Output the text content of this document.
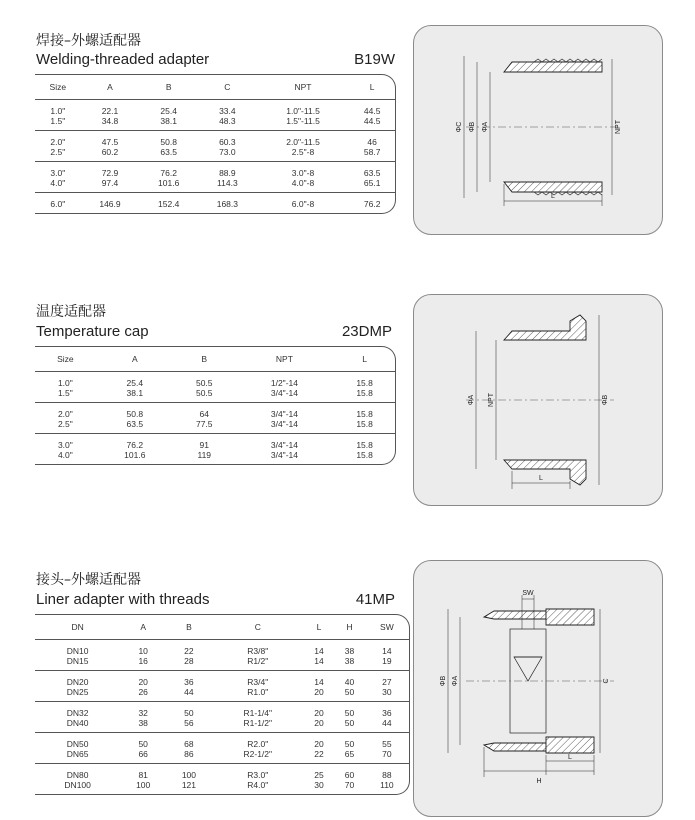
焊接–外螺适配器
Welding-threaded adapter	B19W
Size	A	B	C	NPT	L
1.0"	22.1	25.4	33.4	1.0"-11.5	44.5
1.5"	34.8	38.1	48.3	1.5"-11.5	44.5
2.0"	47.5	50.8	60.3	2.0"-11.5	46
2.5"	60.2	63.5	73.0	2.5"-8	58.7
3.0"	72.9	76.2	88.9	3.0"-8	63.5
4.0"	97.4	101.6	114.3	4.0"-8	65.1
6.0"	146.9	152.4	168.3	6.0"-8	76.2
ΦC ΦB ΦA	NPT
L
温度适配器
Temperature cap	23DMP
Size	A	B	NPT	L
1.0"	25.4	50.5	1/2"-14	15.8
1.5"	38.1	50.5	3/4"-14	15.8
2.0"	50.8	64	3/4"-14	15.8
2.5"	63.5	77.5	3/4"-14	15.8
3.0"	76.2	91	3/4"-14	15.8
4.0"	101.6	119	3/4"-14	15.8
ΦA NPT	ΦB
L
接头–外螺适配器
Liner adapter with threads	41MP
DN	A	B	C	L	H	SW
DN10	10	22	R3/8"	14	38	14
DN15	16	28	R1/2"	14	38	19
DN20	20	36	R3/4"	14	40	27
DN25	26	44	R1.0"	20	50	30
DN32	32	50	R1-1/4"	20	50	36
DN40	38	56	R1-1/2"	20	50	44
DN50	50	68	R2.0"	20	50	55
DN65	66	86	R2-1/2"	22	65	70
DN80	81	100	R3.0"	25	60	88
DN100	100	121	R4.0"	30	70	110
SW
ΦB ΦA	C
L
H
